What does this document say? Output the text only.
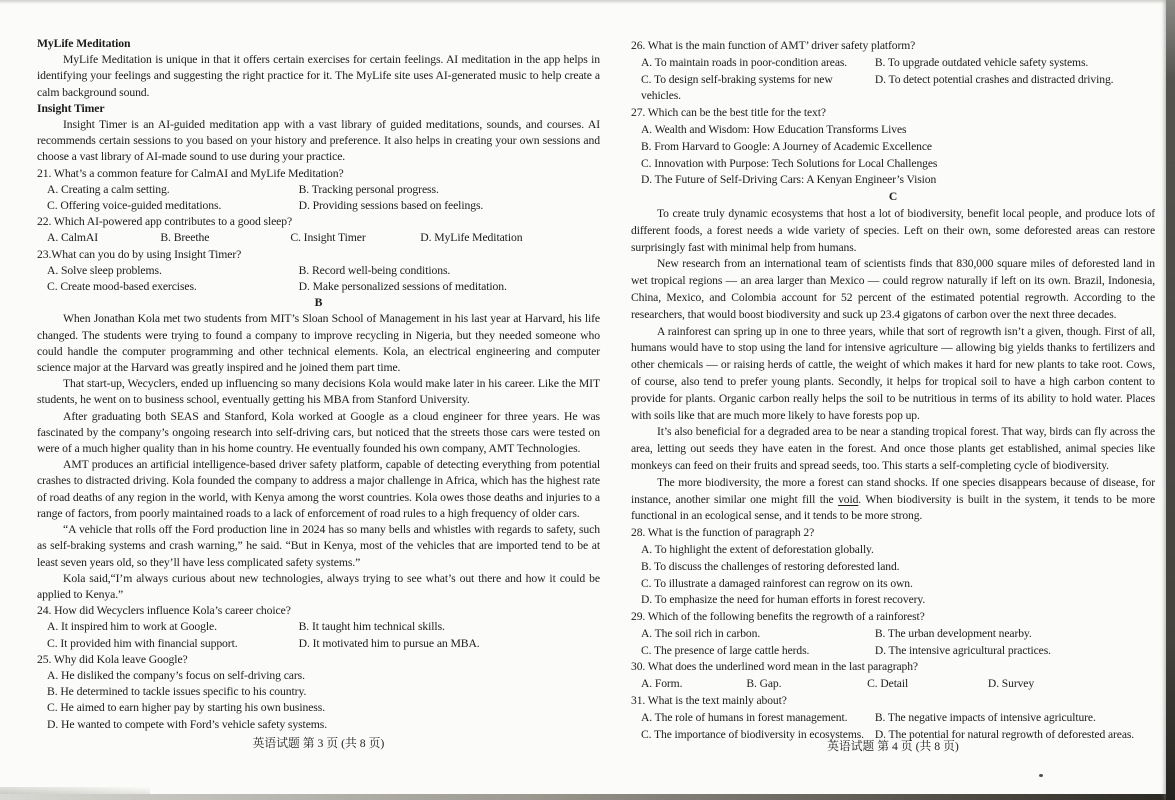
MyLife Meditation
MyLife Meditation is unique in that it offers certain exercises for certain feelings. AI meditation in the app helps in identifying your feelings and suggesting the right practice for it. The MyLife site uses AI-generated music to help create a calm background sound.
Insight Timer
Insight Timer is an AI-guided meditation app with a vast library of guided meditations, sounds, and courses. AI recommends certain sessions to you based on your history and preference. It also helps in creating your own sessions and choose a vast library of AI-made sound to use during your practice.
21. What’s a common feature for CalmAI and MyLife Meditation?
A. Creating a calm setting.	B. Tracking personal progress.
C. Offering voice-guided meditations.	D. Providing sessions based on feelings.
22. Which AI-powered app contributes to a good sleep?
A. CalmAI	B. Breethe	C. Insight Timer	D. MyLife Meditation
23.What can you do by using Insight Timer?
A. Solve sleep problems.	B. Record well-being conditions.
C. Create mood-based exercises.	D. Make personalized sessions of meditation.
B
When Jonathan Kola met two students from MIT’s Sloan School of Management in his last year at Harvard, his life changed. The students were trying to found a company to improve recycling in Nigeria, but they needed someone who could handle the computer programming and other technical elements. Kola, an electrical engineering and computer science major at the Harvard was greatly inspired and he joined them part time.
That start-up, Wecyclers, ended up influencing so many decisions Kola would make later in his career. Like the MIT students, he went on to business school, eventually getting his MBA from Stanford University.
After graduating both SEAS and Stanford, Kola worked at Google as a cloud engineer for three years. He was fascinated by the company’s ongoing research into self-driving cars, but noticed that the streets those cars were tested on were of a much higher quality than in his home country. He eventually founded his own company, AMT Technologies.
AMT produces an artificial intelligence-based driver safety platform, capable of detecting everything from potential crashes to distracted driving. Kola founded the company to address a major challenge in Africa, which has the highest rate of road deaths of any region in the world, with Kenya among the worst countries. Kola owes those deaths and injuries to a range of factors, from poorly maintained roads to a lack of enforcement of road rules to a high frequency of older cars.
“A vehicle that rolls off the Ford production line in 2024 has so many bells and whistles with regards to safety, such as self-braking systems and crash warning,” he said. “But in Kenya, most of the vehicles that are imported tend to be at least seven years old, so they’ll have less complicated safety systems.”
Kola said,“I’m always curious about new technologies, always trying to see what’s out there and how it could be applied to Kenya.”
24. How did Wecyclers influence Kola’s career choice?
A. It inspired him to work at Google.	B. It taught him technical skills.
C. It provided him with financial support.	D. It motivated him to pursue an MBA.
25. Why did Kola leave Google?
A. He disliked the company’s focus on self-driving cars.
B. He determined to tackle issues specific to his country.
C. He aimed to earn higher pay by starting his own business.
D. He wanted to compete with Ford’s vehicle safety systems.
26. What is the main function of AMT’ driver safety platform?
A. To maintain roads in poor-condition areas.	B. To upgrade outdated vehicle safety systems.
C. To design self-braking systems for new vehicles.
D. To detect potential crashes and distracted driving.
27. Which can be the best title for the text?
A. Wealth and Wisdom: How Education Transforms Lives
B. From Harvard to Google: A Journey of Academic Excellence
C. Innovation with Purpose: Tech Solutions for Local Challenges
D. The Future of Self-Driving Cars: A Kenyan Engineer’s Vision
C
To create truly dynamic ecosystems that host a lot of biodiversity, benefit local people, and produce lots of different foods, a forest needs a wide variety of species. Left on their own, some deforested areas can restore surprisingly fast with minimal help from humans.
New research from an international team of scientists finds that 830,000 square miles of deforested land in wet tropical regions — an area larger than Mexico — could regrow naturally if left on its own. Brazil, Indonesia, China, Mexico, and Colombia account for 52 percent of the estimated potential regrowth. According to the researchers, that would boost biodiversity and suck up 23.4 gigatons of carbon over the next three decades.
A rainforest can spring up in one to three years, while that sort of regrowth isn’t a given, though. First of all, humans would have to stop using the land for intensive agriculture — allowing big yields thanks to fertilizers and other chemicals — or raising herds of cattle, the weight of which makes it hard for new plants to take root. Cows, of course, also tend to prefer young plants. Secondly, it helps for tropical soil to have a high carbon content to provide for plants. Organic carbon really helps the soil to be nutritious in terms of its ability to hold water. Places with soils like that are much more likely to have forests pop up.
It’s also beneficial for a degraded area to be near a standing tropical forest. That way, birds can fly across the area, letting out seeds they have eaten in the forest. And once those plants get established, animal species like monkeys can feed on their fruits and spread seeds, too. This starts a self-completing cycle of biodiversity.
The more biodiversity, the more a forest can stand shocks. If one species disappears because of disease, for instance, another similar one might fill the void. When biodiversity is built in the system, it tends to be more functional in an ecological sense, and it tends to be more strong.
28. What is the function of paragraph 2?
A. To highlight the extent of deforestation globally.
B. To discuss the challenges of restoring deforested land.
C. To illustrate a damaged rainforest can regrow on its own.
D. To emphasize the need for human efforts in forest recovery.
29. Which of the following benefits the regrowth of a rainforest?
A. The soil rich in carbon.	B. The urban development nearby.
C. The presence of large cattle herds.	D. The intensive agricultural practices.
30. What does the underlined word mean in the last paragraph?
A. Form.	B. Gap.	C. Detail	D. Survey
31. What is the text mainly about?
A. The role of humans in forest management.	B. The negative impacts of intensive agriculture.
C. The importance of biodiversity in ecosystems. D. The potential for natural regrowth of deforested areas.
英语试题 第 3 页 (共 8 页)	英语试题 第 4 页 (共 8 页)
